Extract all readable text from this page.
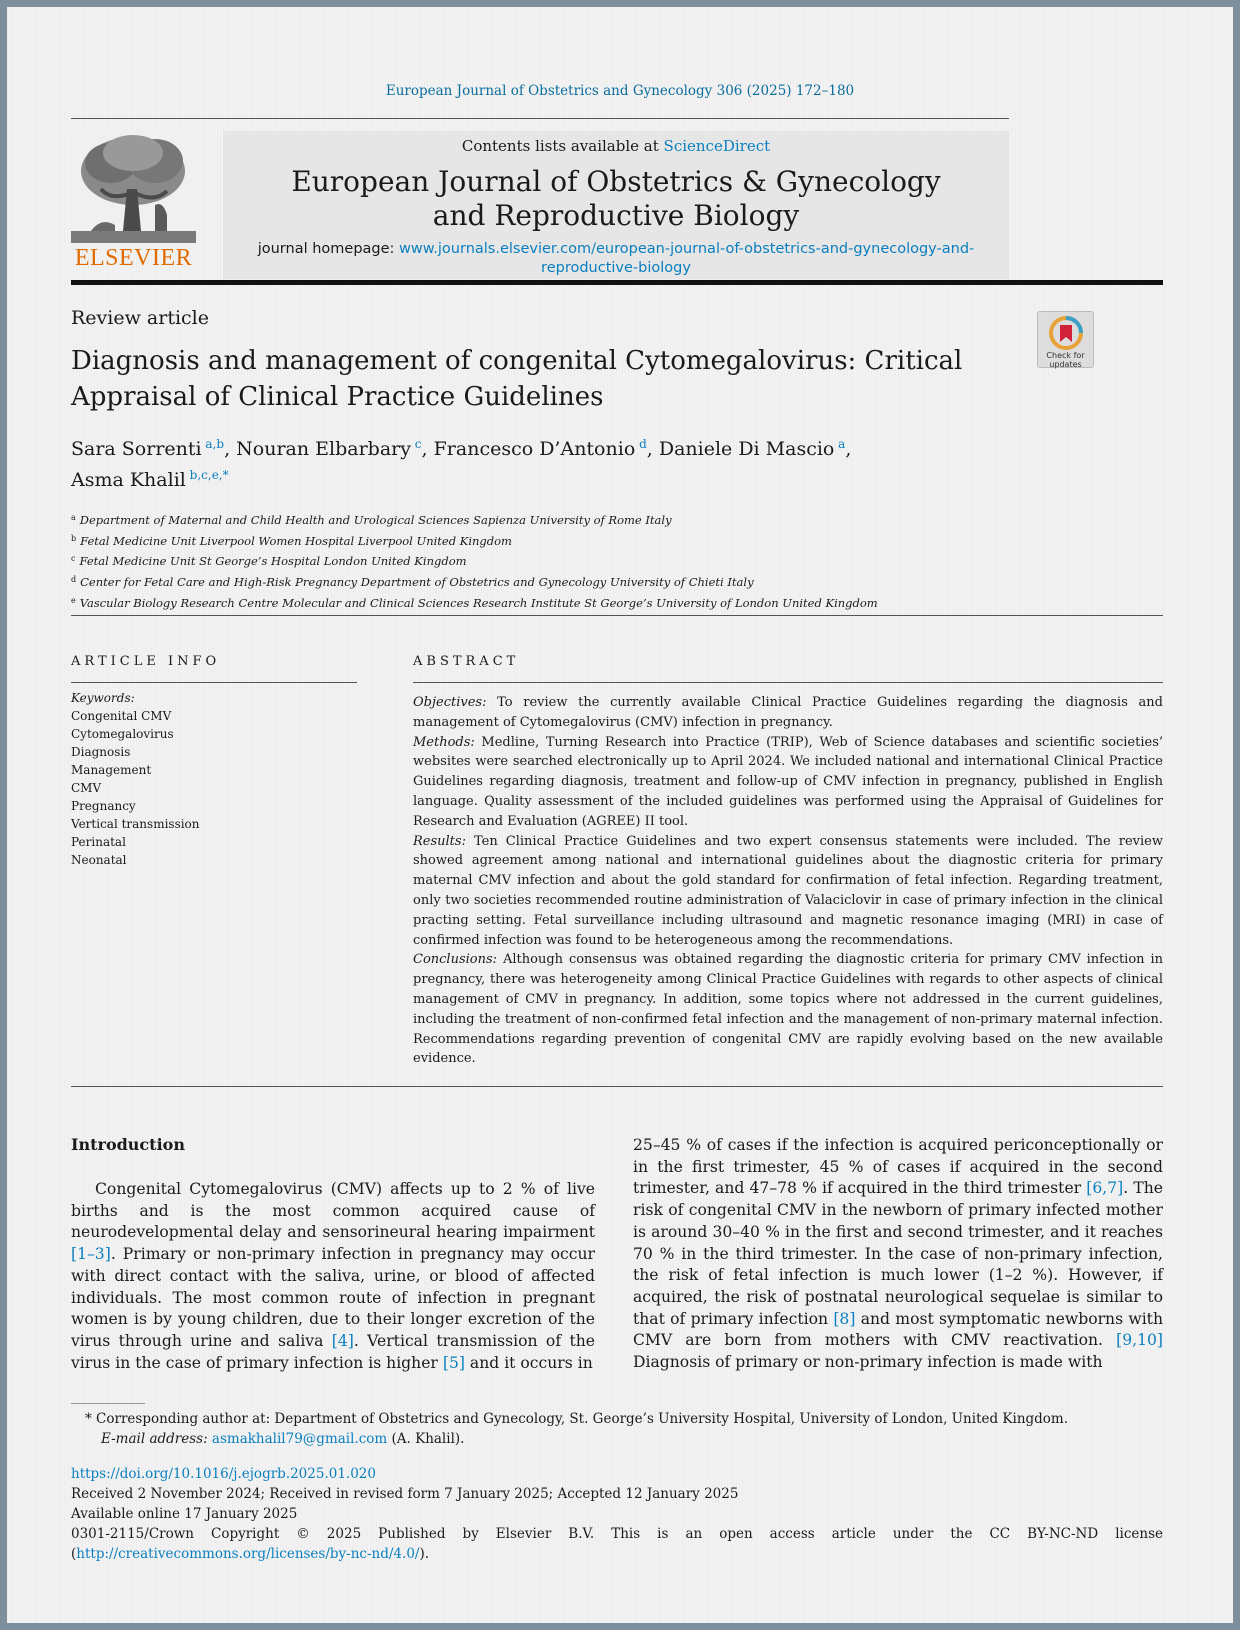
European Journal of Obstetrics and Gynecology 306 (2025) 172–180
ELSEVIER
Contents lists available at ScienceDirect
European Journal of Obstetrics & Gynecology and Reproductive Biology
journal homepage: www.journals.elsevier.com/european-journal-of-obstetrics-and-gynecology-and-
reproductive-biology
Review article
Check for
updates
Diagnosis and management of congenital Cytomegalovirus: Critical Appraisal of Clinical Practice Guidelines
Sara Sorrenti  $^{a,b}$, Nouran Elbarbary  $^c$, Francesco D’Antonio  $^d$, Daniele Di Mascio  $^a$,
Asma Khalil  $^{b,c,e,*}$
$^a$ Department of Maternal and Child Health and Urological Sciences Sapienza University of Rome Italy
$^b$ Fetal Medicine Unit Liverpool Women Hospital Liverpool United Kingdom
$^c$ Fetal Medicine Unit St George’s Hospital London United Kingdom
$^d$ Center for Fetal Care and High-Risk Pregnancy Department of Obstetrics and Gynecology University of Chieti Italy
$^e$ Vascular Biology Research Centre Molecular and Clinical Sciences Research Institute St George’s University of London United Kingdom
ARTICLE INFO	ABSTRACT
Keywords:
Congenital CMV
Cytomegalovirus
Diagnosis
Management
CMV
Pregnancy
Vertical transmission
Perinatal
Neonatal
Objectives: To review the currently available Clinical Practice Guidelines regarding the diagnosis and management of Cytomegalovirus (CMV) infection in pregnancy.
Methods: Medline, Turning Research into Practice (TRIP), Web of Science databases and scientific societies’ websites were searched electronically up to April 2024. We included national and international Clinical Practice Guidelines regarding diagnosis, treatment and follow-up of CMV infection in pregnancy, published in English language. Quality assessment of the included guidelines was performed using the Appraisal of Guidelines for Research and Evaluation (AGREE) II tool.
Results: Ten Clinical Practice Guidelines and two expert consensus statements were included. The review showed agreement among national and international guidelines about the diagnostic criteria for primary maternal CMV infection and about the gold standard for confirmation of fetal infection. Regarding treatment, only two societies recommended routine administration of Valaciclovir in case of primary infection in the clinical practing setting. Fetal surveillance including ultrasound and magnetic resonance imaging (MRI) in case of confirmed infection was found to be heterogeneous among the recommendations.
Conclusions: Although consensus was obtained regarding the diagnostic criteria for primary CMV infection in pregnancy, there was heterogeneity among Clinical Practice Guidelines with regards to other aspects of clinical management of CMV in pregnancy. In addition, some topics where not addressed in the current guidelines, including the treatment of non-confirmed fetal infection and the management of non-primary maternal infection. Recommendations regarding prevention of congenital CMV are rapidly evolving based on the new available evidence.
Introduction

Congenital Cytomegalovirus (CMV) affects up to 2 % of live births and is the most common acquired cause of neurodevelopmental delay and sensorineural hearing impairment [1–3]. Primary or non-primary infection in pregnancy may occur with direct contact with the saliva, urine, or blood of affected individuals. The most common route of infection in pregnant women is by young children, due to their longer excretion of the virus through urine and saliva [4]. Vertical transmission of the virus in the case of primary infection is higher [5] and it occurs in

25–45 % of cases if the infection is acquired periconceptionally or in the first trimester, 45 % of cases if acquired in the second trimester, and 47–78 % if acquired in the third trimester [6,7]. The risk of congenital CMV in the newborn of primary infected mother is around 30–40 % in the first and second trimester, and it reaches 70 % in the third trimester. In the case of non-primary infection, the risk of fetal infection is much lower (1–2 %). However, if acquired, the risk of postnatal neurological sequelae is similar to that of primary infection [8] and most symptomatic newborns with CMV are born from mothers with CMV reactivation. [9,10] Diagnosis of primary or non-primary infection is made with

* Corresponding author at: Department of Obstetrics and Gynecology, St. George’s University Hospital, University of London, United Kingdom.
E-mail address: asmakhalil79@gmail.com (A. Khalil).
https://doi.org/10.1016/j.ejogrb.2025.01.020
Received 2 November 2024; Received in revised form 7 January 2025; Accepted 12 January 2025
Available online 17 January 2025
0301-2115/Crown Copyright © 2025 Published by Elsevier B.V. This is an open access article under the CC BY-NC-ND license (http://creativecommons.org/licenses/by-nc-nd/4.0/).
